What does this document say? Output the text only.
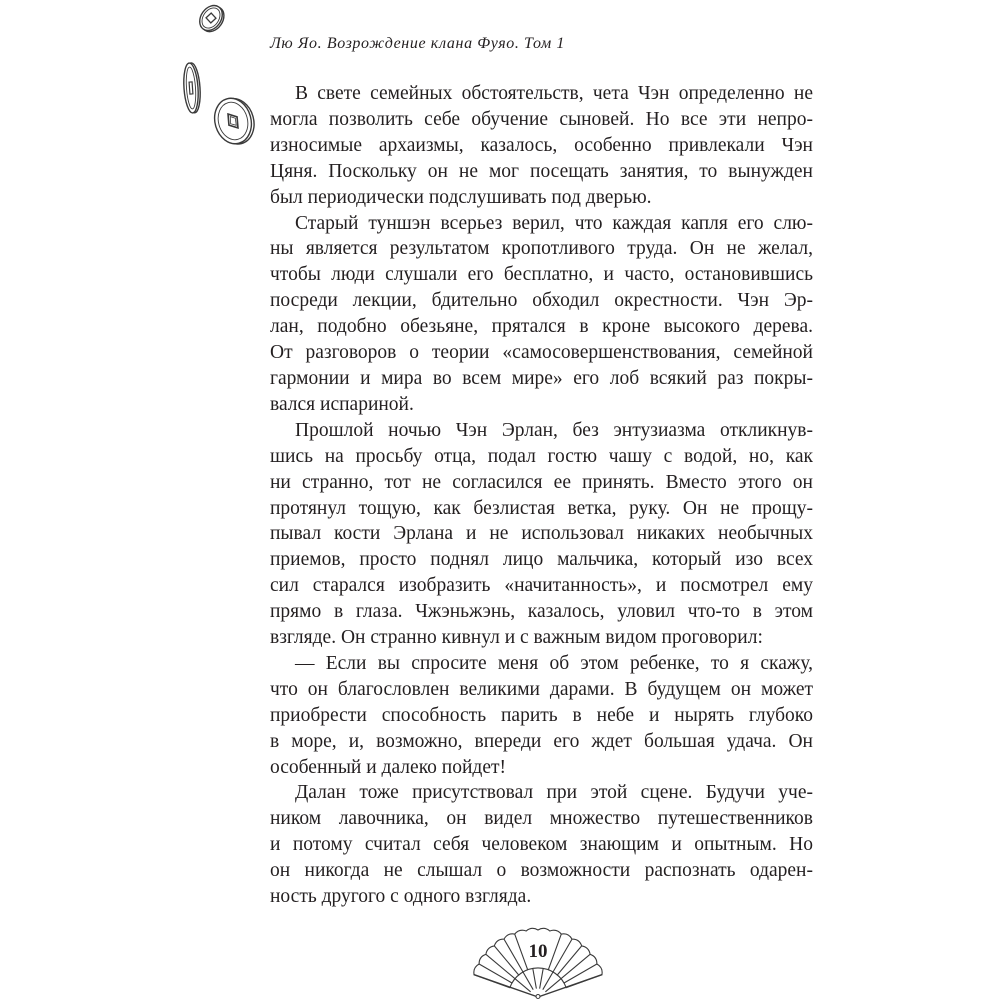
Лю Яо. Возрождение клана Фуяо. Том 1
В свете семейных обстоятельств, чета Чэн определенно не
могла позволить себе обучение сыновей. Но все эти непро-
износимые архаизмы, казалось, особенно привлекали Чэн
Цяня. Поскольку он не мог посещать занятия, то вынужден
был периодически подслушивать под дверью.
Старый туншэн всерьез верил, что каждая капля его слю-
ны является результатом кропотливого труда. Он не желал,
чтобы люди слушали его бесплатно, и часто, остановившись
посреди лекции, бдительно обходил окрестности. Чэн Эр-
лан, подобно обезьяне, прятался в кроне высокого дерева.
От разговоров о теории «самосовершенствования, семейной
гармонии и мира во всем мире» его лоб всякий раз покры-
вался испариной.
Прошлой ночью Чэн Эрлан, без энтузиазма откликнув-
шись на просьбу отца, подал гостю чашу с водой, но, как
ни странно, тот не согласился ее принять. Вместо этого он
протянул тощую, как безлистая ветка, руку. Он не прощу-
пывал кости Эрлана и не использовал никаких необычных
приемов, просто поднял лицо мальчика, который изо всех
сил старался изобразить «начитанность», и посмотрел ему
прямо в глаза. Чжэньжэнь, казалось, уловил что-то в этом
взгляде. Он странно кивнул и с важным видом проговорил:
— Если вы спросите меня об этом ребенке, то я скажу,
что он благословлен великими дарами. В будущем он может
приобрести способность парить в небе и нырять глубоко
в море, и, возможно, впереди его ждет большая удача. Он
особенный и далеко пойдет!
Далан тоже присутствовал при этой сцене. Будучи уче-
ником лавочника, он видел множество путешественников
и потому считал себя человеком знающим и опытным. Но
он никогда не слышал о возможности распознать одарен-
ность другого с одного взгляда.
10
